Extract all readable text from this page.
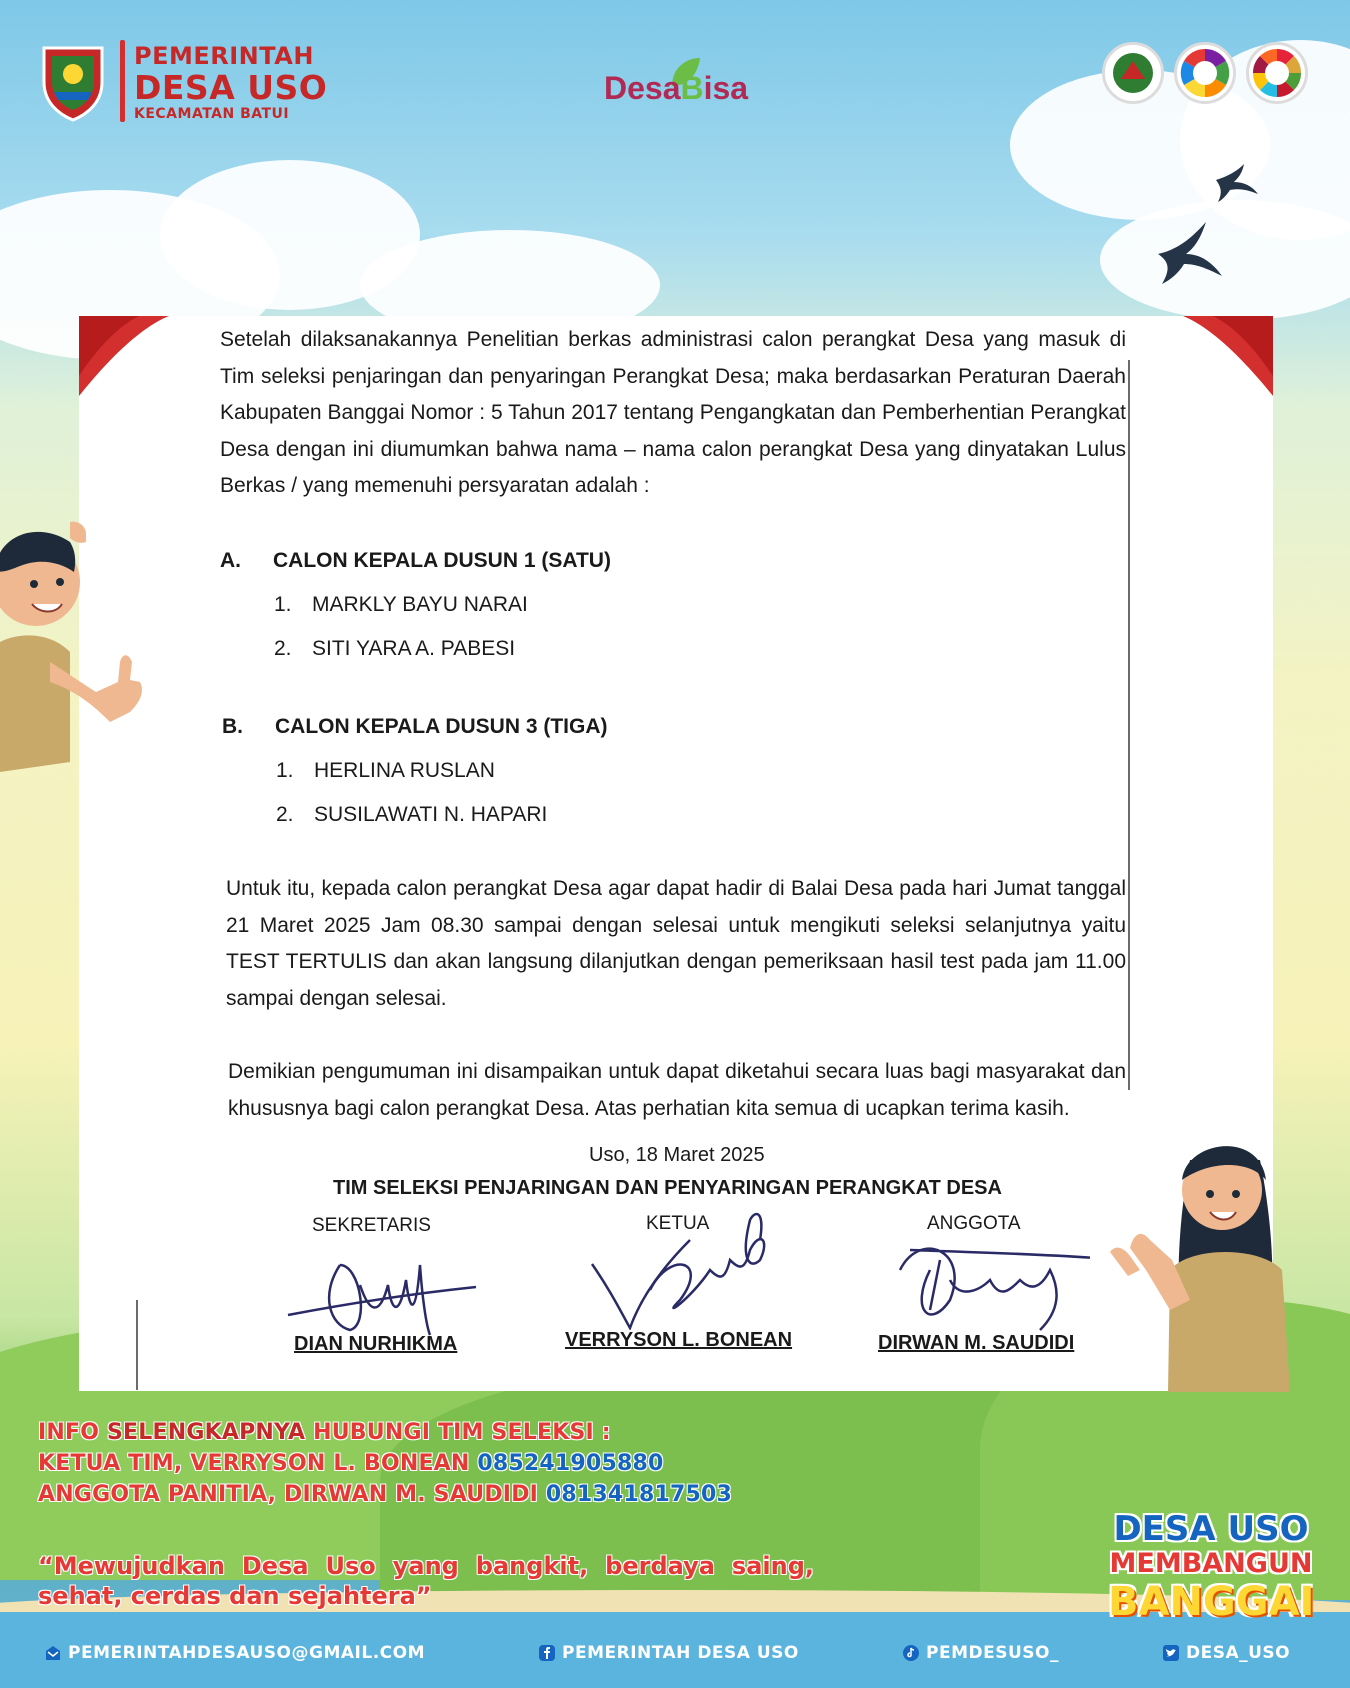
PEMERINTAH
DESA USO
KECAMATAN BATUI
DesaBisa

Setelah dilaksanakannya Penelitian berkas administrasi calon perangkat Desa yang masuk di Tim seleksi penjaringan dan penyaringan Perangkat Desa; maka berdasarkan Peraturan Daerah Kabupaten Banggai Nomor : 5 Tahun 2017 tentang Pengangkatan dan Pemberhentian Perangkat Desa dengan ini diumumkan bahwa nama – nama calon perangkat Desa yang dinyatakan Lulus Berkas / yang memenuhi persyaratan adalah :

A. CALON KEPALA DUSUN 1 (SATU)
1. MARKLY BAYU NARAI
2. SITI YARA A. PABESI
B. CALON KEPALA DUSUN 3 (TIGA)
1. HERLINA RUSLAN
2. SUSILAWATI N. HAPARI

Untuk itu, kepada calon perangkat Desa agar dapat hadir di Balai Desa pada hari Jumat tanggal 21 Maret 2025 Jam 08.30 sampai dengan selesai untuk mengikuti seleksi selanjutnya yaitu TEST TERTULIS dan akan langsung dilanjutkan dengan pemeriksaan hasil test pada jam 11.00 sampai dengan selesai.

Demikian pengumuman ini disampaikan untuk dapat diketahui secara luas bagi masyarakat dan khususnya bagi calon perangkat Desa. Atas perhatian kita semua di ucapkan terima kasih.

Uso, 18 Maret 2025
TIM SELEKSI PENJARINGAN DAN PENYARINGAN PERANGKAT DESA
SEKRETARIS	KETUA	ANGGOTA
DIAN NURHIKMA	VERRYSON L. BONEAN	DIRWAN M. SAUDIDI
INFO SELENGKAPNYA HUBUNGI TIM SELEKSI :
KETUA TIM, VERRYSON L. BONEAN 085241905880
ANGGOTA PANITIA, DIRWAN M. SAUDIDI 081341817503
“Mewujudkan Desa Uso yang bangkit, berdaya saing,
sehat, cerdas dan sejahtera”
DESA USO
MEMBANGUN
BANGGAI
PEMERINTAHDESAUSO@GMAIL.COM	PEMERINTAH DESA USO	PEMDESUSO_	DESA_USO
